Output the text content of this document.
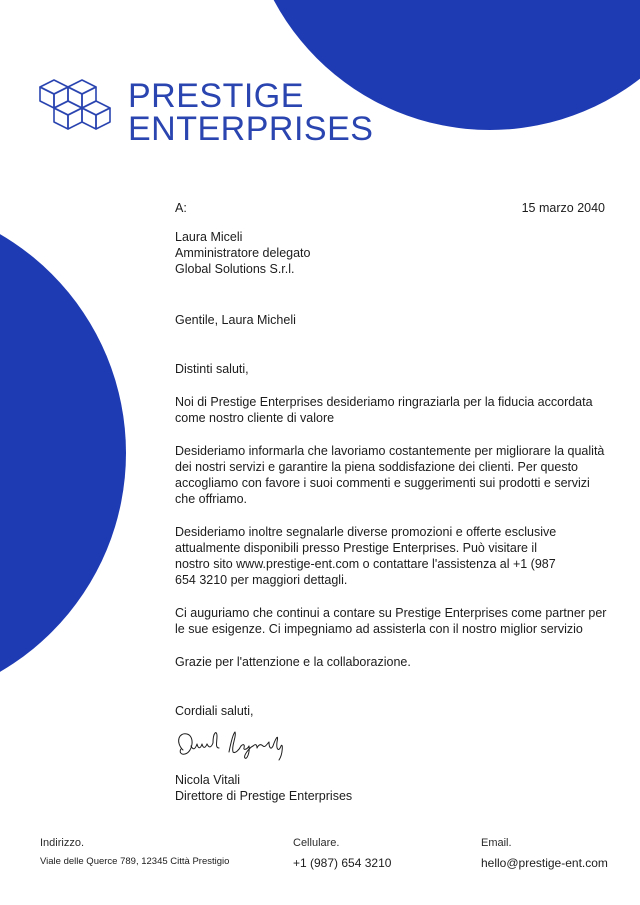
PRESTIGE
ENTERPRISES
A:	15 marzo 2040
Laura Miceli
Amministratore delegato
Global Solutions S.r.l.
Gentile, Laura Micheli
Distinti saluti,
Noi di Prestige Enterprises desideriamo ringraziarla per la fiducia accordata
come nostro cliente di valore
Desideriamo informarla che lavoriamo costantemente per migliorare la qualità
dei nostri servizi e garantire la piena soddisfazione dei clienti. Per questo
accogliamo con favore i suoi commenti e suggerimenti sui prodotti e servizi
che offriamo.
Desideriamo inoltre segnalarle diverse promozioni e offerte esclusive
attualmente disponibili presso Prestige Enterprises. Può visitare il
nostro sito www.prestige-ent.com o contattare l'assistenza al +1 (987
654 3210 per maggiori dettagli.
Ci auguriamo che continui a contare su Prestige Enterprises come partner per
le sue esigenze. Ci impegniamo ad assisterla con il nostro miglior servizio
Grazie per l'attenzione e la collaborazione.
Cordiali saluti,
Nicola Vitali
Direttore di Prestige Enterprises
Indirizzo.
Viale delle Querce 789, 12345 Città Prestigio
Cellulare.
+1 (987) 654 3210
Email.
hello@prestige-ent.com
